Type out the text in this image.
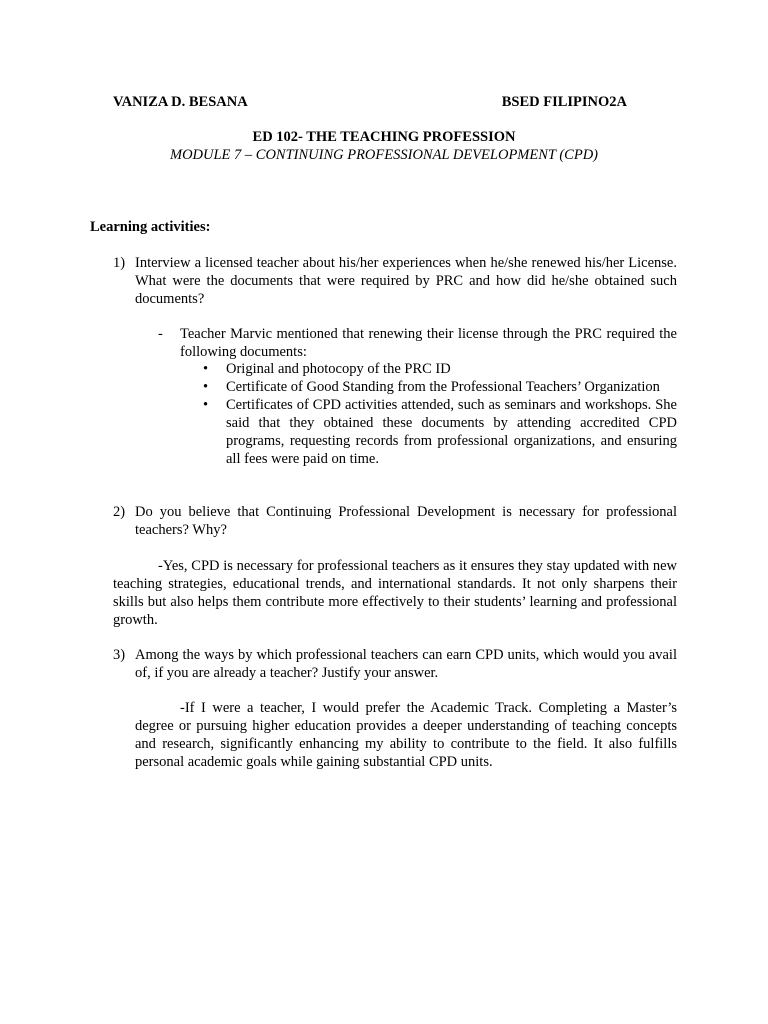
VANIZA D. BESANA	BSED FILIPINO2A
ED 102- THE TEACHING PROFESSION
MODULE 7 – CONTINUING PROFESSIONAL DEVELOPMENT (CPD)
Learning activities:
1) Interview a licensed teacher about his/her experiences when he/she renewed his/her License. What were the documents that were required by PRC and how did he/she obtained such documents?
- Teacher Marvic mentioned that renewing their license through the PRC required the following documents:
• Original and photocopy of the PRC ID
• Certificate of Good Standing from the Professional Teachers’ Organization
• Certificates of CPD activities attended, such as seminars and workshops. She said that they obtained these documents by attending accredited CPD programs, requesting records from professional organizations, and ensuring all fees were paid on time.
2) Do you believe that Continuing Professional Development is necessary for professional teachers? Why?
-Yes, CPD is necessary for professional teachers as it ensures they stay updated with new teaching strategies, educational trends, and international standards. It not only sharpens their skills but also helps them contribute more effectively to their students’ learning and professional growth.
3) Among the ways by which professional teachers can earn CPD units, which would you avail of, if you are already a teacher? Justify your answer.
-If I were a teacher, I would prefer the Academic Track. Completing a Master’s degree or pursuing higher education provides a deeper understanding of teaching concepts and research, significantly enhancing my ability to contribute to the field. It also fulfills personal academic goals while gaining substantial CPD units.
